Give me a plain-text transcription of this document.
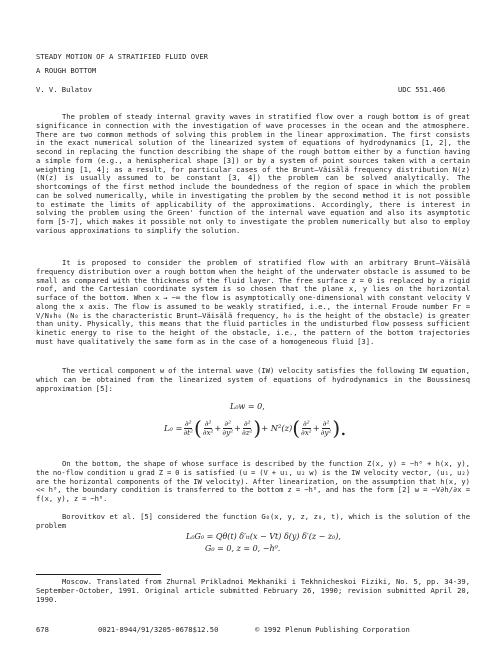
STEADY MOTION OF A STRATIFIED FLUID OVER
A ROUGH BOTTOM
V. V. Bulatov	UDC 551.466

The problem of steady internal gravity waves in stratified flow over a rough bottom is of great significance in connection with the investigation of wave processes in the ocean and the atmosphere. There are two common methods of solving this problem in the linear approximation. The first consists in the exact numerical solution of the linearized system of equations of hydrodynamics [1, 2], the second in replacing the function describing the shape of the rough bottom either by a function having a simple form (e.g., a hemispherical shape [3]) or by a system of point sources taken with a certain weighting [1, 4]; as a result, for particular cases of the Brunt–Väisälä frequency distribution N(z) (N(z) is usually assumed to be constant [3, 4]) the problem can be solved analytically. The shortcomings of the first method include the boundedness of the region of space in which the problem can be solved numerically, while in investigating the problem by the second method it is not possible to estimate the limits of applicability of the approximations. Accordingly, there is interest in solving the problem using the Green' function of the internal wave equation and also its asymptotic form [5-7], which makes it possible not only to investigate the problem numerically but also to employ various approximations to simplify the solution.

It is proposed to consider the problem of stratified flow with an arbitrary Brunt–Väisälä frequency distribution over a rough bottom when the height of the underwater obstacle is assumed to be small as compared with the thickness of the fluid layer. The free surface z = 0 is replaced by a rigid roof, and the Cartesian coordinate system is so chosen that the plane x, y lies on the horizontal surface of the bottom. When x → −∞ the flow is asymptotically one-dimensional with constant velocity V along the x axis. The flow is assumed to be weakly stratified, i.e., the internal Froude number Fr = V/N₀h₀ (N₀ is the characteristic Brunt–Väisälä frequency, h₀ is the height of the obstacle) is greater than unity. Physically, this means that the fluid particles in the undisturbed flow possess sufficient kinetic energy to rise to the height of the obstacle, i.e., the pattern of the bottom trajectories must have qualitatively the same form as in the case of a homogeneous fluid [3].

The vertical component w of the internal wave (IW) velocity satisfies the following IW equation, which can be obtained from the linearized system of equations of hydrodynamics in the Boussinesq approximation [5]:

L₀w = 0,
$L_0 = \frac{\text{∂²}}{\text{∂t²}}$ ( $\frac{\text{∂²}}{\text{∂x²}} + \frac{\text{∂²}}{\text{∂y²}} + \frac{\text{∂²}}{\text{∂z²}}$ ) + N²(z) ( $\frac{\text{∂²}}{\text{∂x²}} + \frac{\text{∂²}}{\text{∂y²}}$ ).

On the bottom, the shape of whose surface is described by the function Z(x, y) = −h⁰ + h(x, y), the no-flow condition u grad Z = 0 is satisfied (u = (V + u₁, u₂ w) is the IW velocity vector, (u₁, u₂) are the horizontal components of the IW velocity). After linearization, on the assumption that h(x, y) << h⁰, the boundary condition is transferred to the bottom z = −h⁰, and has the form [2] w = −V∂h/∂x = f(x, y), z = −h⁰.

Borovitkov et al. [5] considered the function G₀(x, y, z, z₀, t), which is the solution of the problem

L₀G₀ = Qθ(t) δ′ₜₜ(x − Vt) δ(y) δ′(z − z₀),
G₀ = 0, z = 0, −h⁰.

Moscow. Translated from Zhurnal Prikladnoi Mekhaniki i Tekhnicheskoi Fiziki, No. 5, pp. 34-39, September-October, 1991. Original article submitted February 26, 1990; revision submitted April 20, 1990.

678	0021-8944/91/3205-0678$12.50	© 1992 Plenum Publishing Corporation
